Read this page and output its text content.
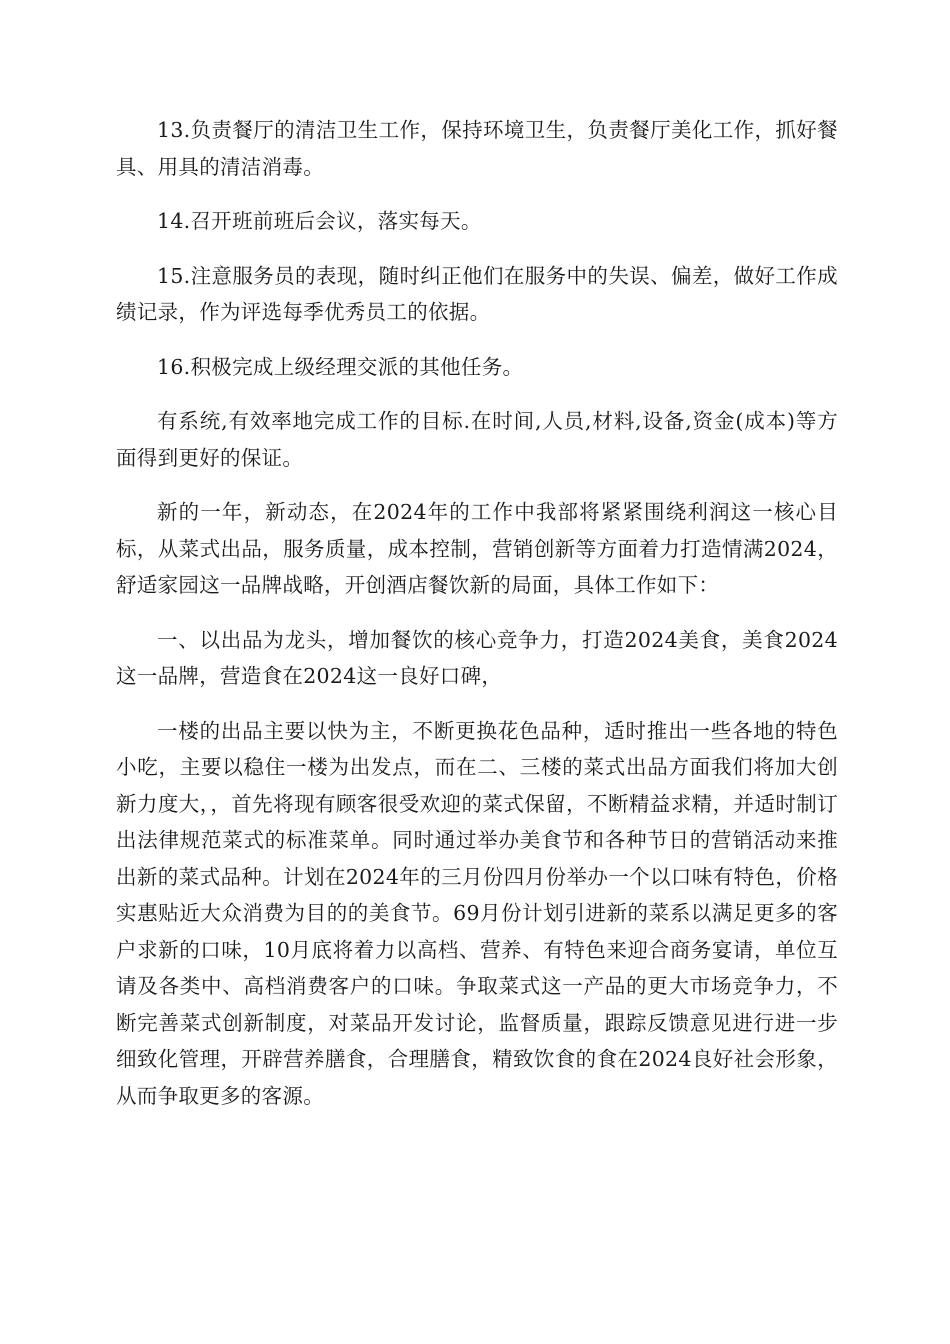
13.负责餐厅的清洁卫生工作，保持环境卫生，负责餐厅美化工作，抓好餐具、用具的清洁消毒。

14.召开班前班后会议，落实每天。

15.注意服务员的表现，随时纠正他们在服务中的失误、偏差，做好工作成绩记录，作为评选每季优秀员工的依据。

16.积极完成上级经理交派的其他任务。

有系统,有效率地完成工作的目标.在时间,人员,材料,设备,资金(成本)等方面得到更好的保证。

新的一年，新动态，在2024年的工作中我部将紧紧围绕利润这一核心目标，从菜式出品，服务质量，成本控制，营销创新等方面着力打造情满2024，舒适家园这一品牌战略，开创酒店餐饮新的局面，具体工作如下：

一、以出品为龙头，增加餐饮的核心竞争力，打造2024美食，美食2024这一品牌，营造食在2024这一良好口碑，

一楼的出品主要以快为主，不断更换花色品种，适时推出一些各地的特色小吃，主要以稳住一楼为出发点，而在二、三楼的菜式出品方面我们将加大创新力度大，，首先将现有顾客很受欢迎的菜式保留，不断精益求精，并适时制订出法律规范菜式的标准菜单。同时通过举办美食节和各种节日的营销活动来推出新的菜式品种。计划在2024年的三月份四月份举办一个以口味有特色，价格实惠贴近大众消费为目的的美食节。69月份计划引进新的菜系以满足更多的客户求新的口味，10月底将着力以高档、营养、有特色来迎合商务宴请，单位互请及各类中、高档消费客户的口味。争取菜式这一产品的更大市场竞争力，不断完善菜式创新制度，对菜品开发讨论，监督质量，跟踪反馈意见进行进一步细致化管理，开辟营养膳食，合理膳食，精致饮食的食在2024良好社会形象，从而争取更多的客源。
